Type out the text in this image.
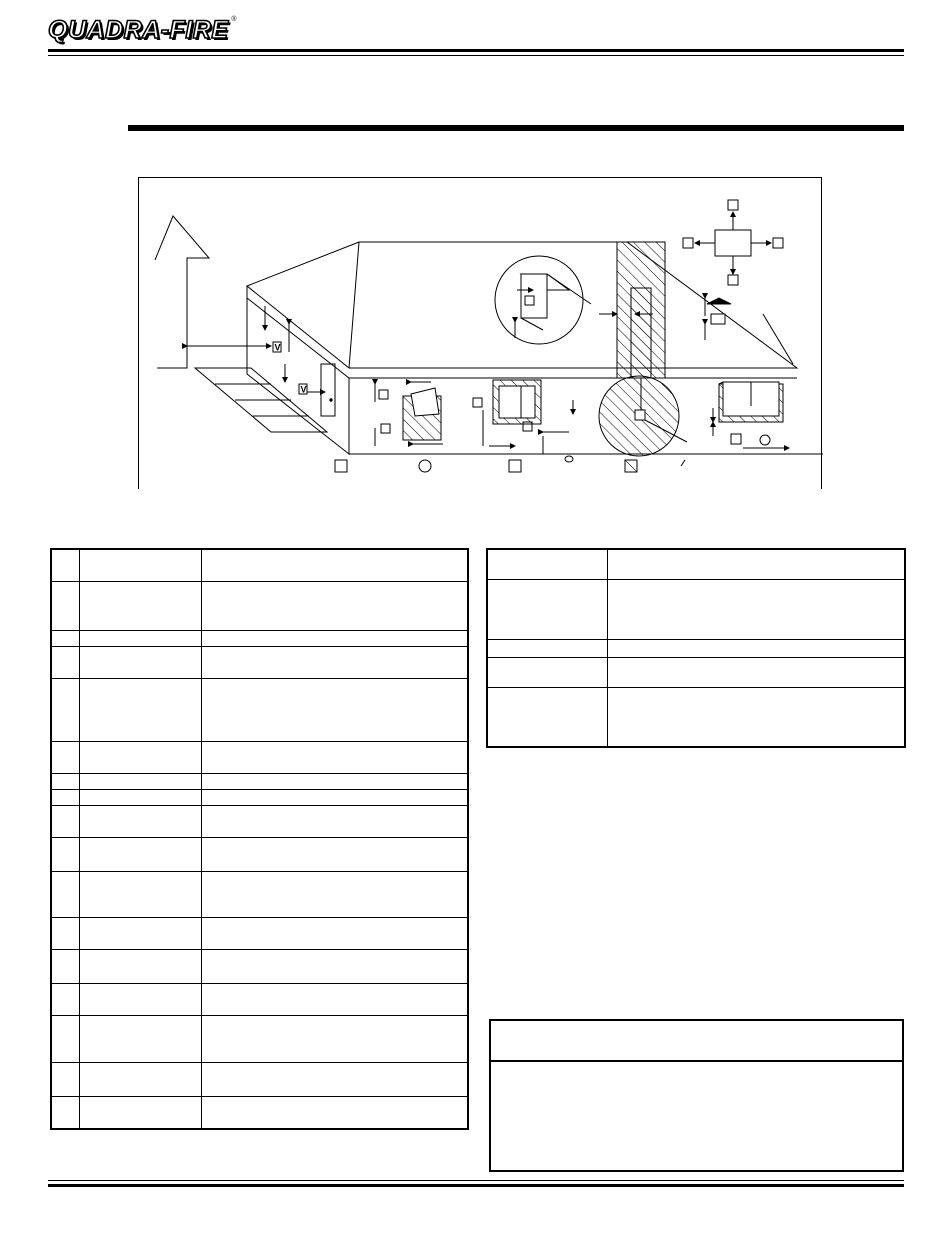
QUADRA-FIRE ®
V
V
